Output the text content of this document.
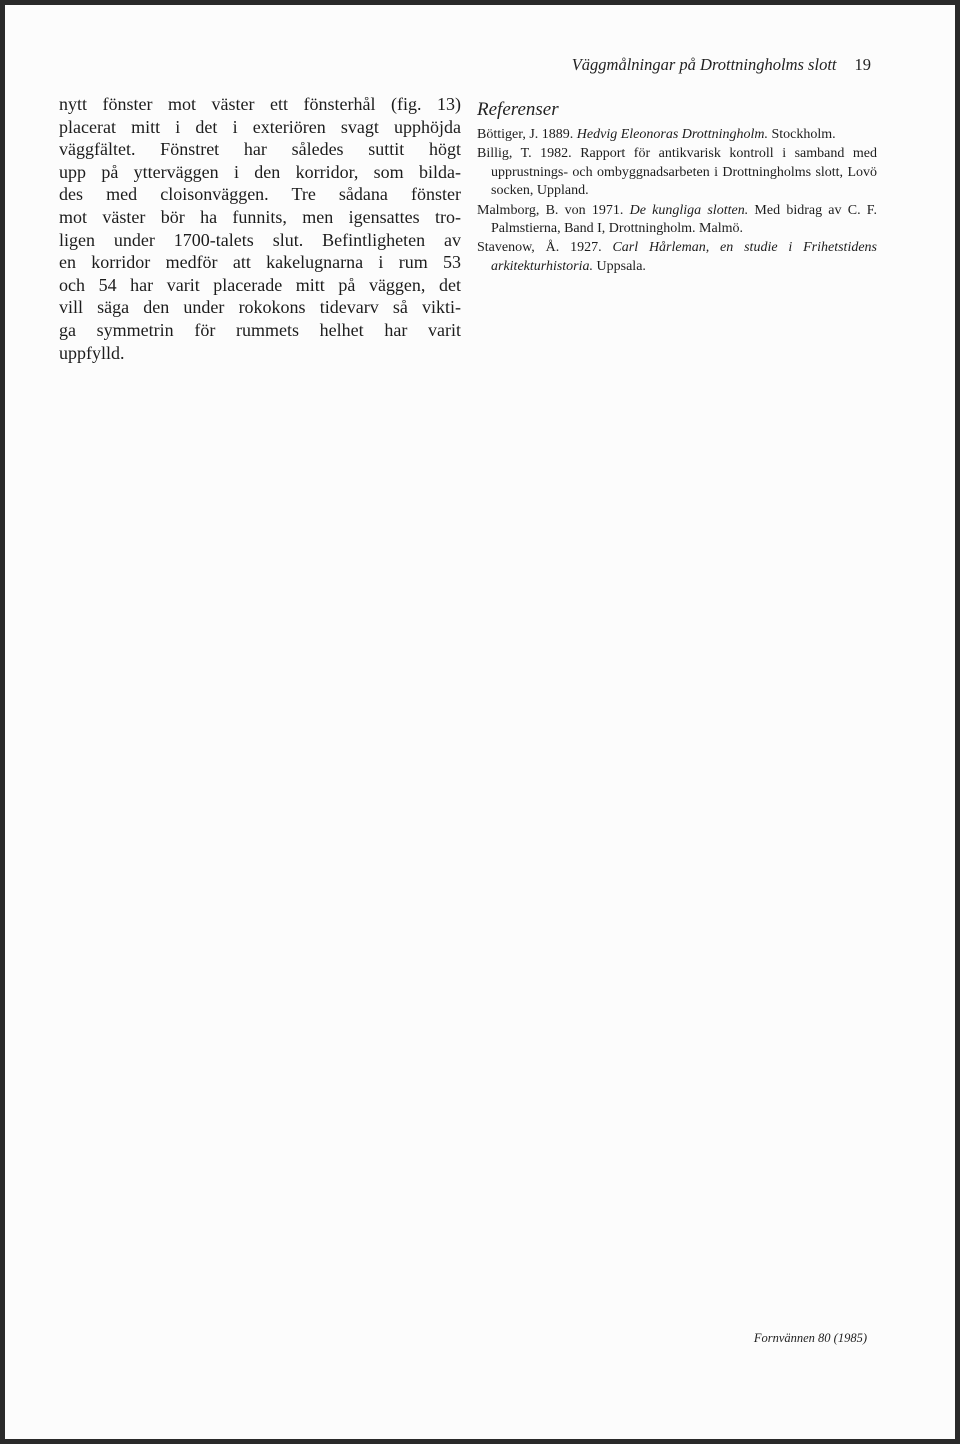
Väggmålningar på Drottningholms slott 19
nytt fönster mot väster ett fönsterhål (fig. 13)
placerat mitt i det i exteriören svagt upphöjda
väggfältet. Fönstret har således suttit högt
upp på ytterväggen i den korridor, som bilda-
des med cloisonväggen. Tre sådana fönster
mot väster bör ha funnits, men igensattes tro-
ligen under 1700-talets slut. Befintligheten av
en korridor medför att kakelugnarna i rum 53
och 54 har varit placerade mitt på väggen, det
vill säga den under rokokons tidevarv så vikti-
ga symmetrin för rummets helhet har varit
uppfylld.
Referenser
Böttiger, J. 1889. Hedvig Eleonoras Drottningholm. Stockholm.
Billig, T. 1982. Rapport för antikvarisk kontroll i samband med upprustnings- och ombyggnadsarbeten i Drottningholms slott, Lovö socken, Uppland.
Malmborg, B. von 1971. De kungliga slotten. Med bidrag av C. F. Palmstierna, Band I, Drottningholm. Malmö.
Stavenow, Å. 1927. Carl Hårleman, en studie i Frihetstidens arkitekturhistoria. Uppsala.
Fornvännen 80 (1985)
